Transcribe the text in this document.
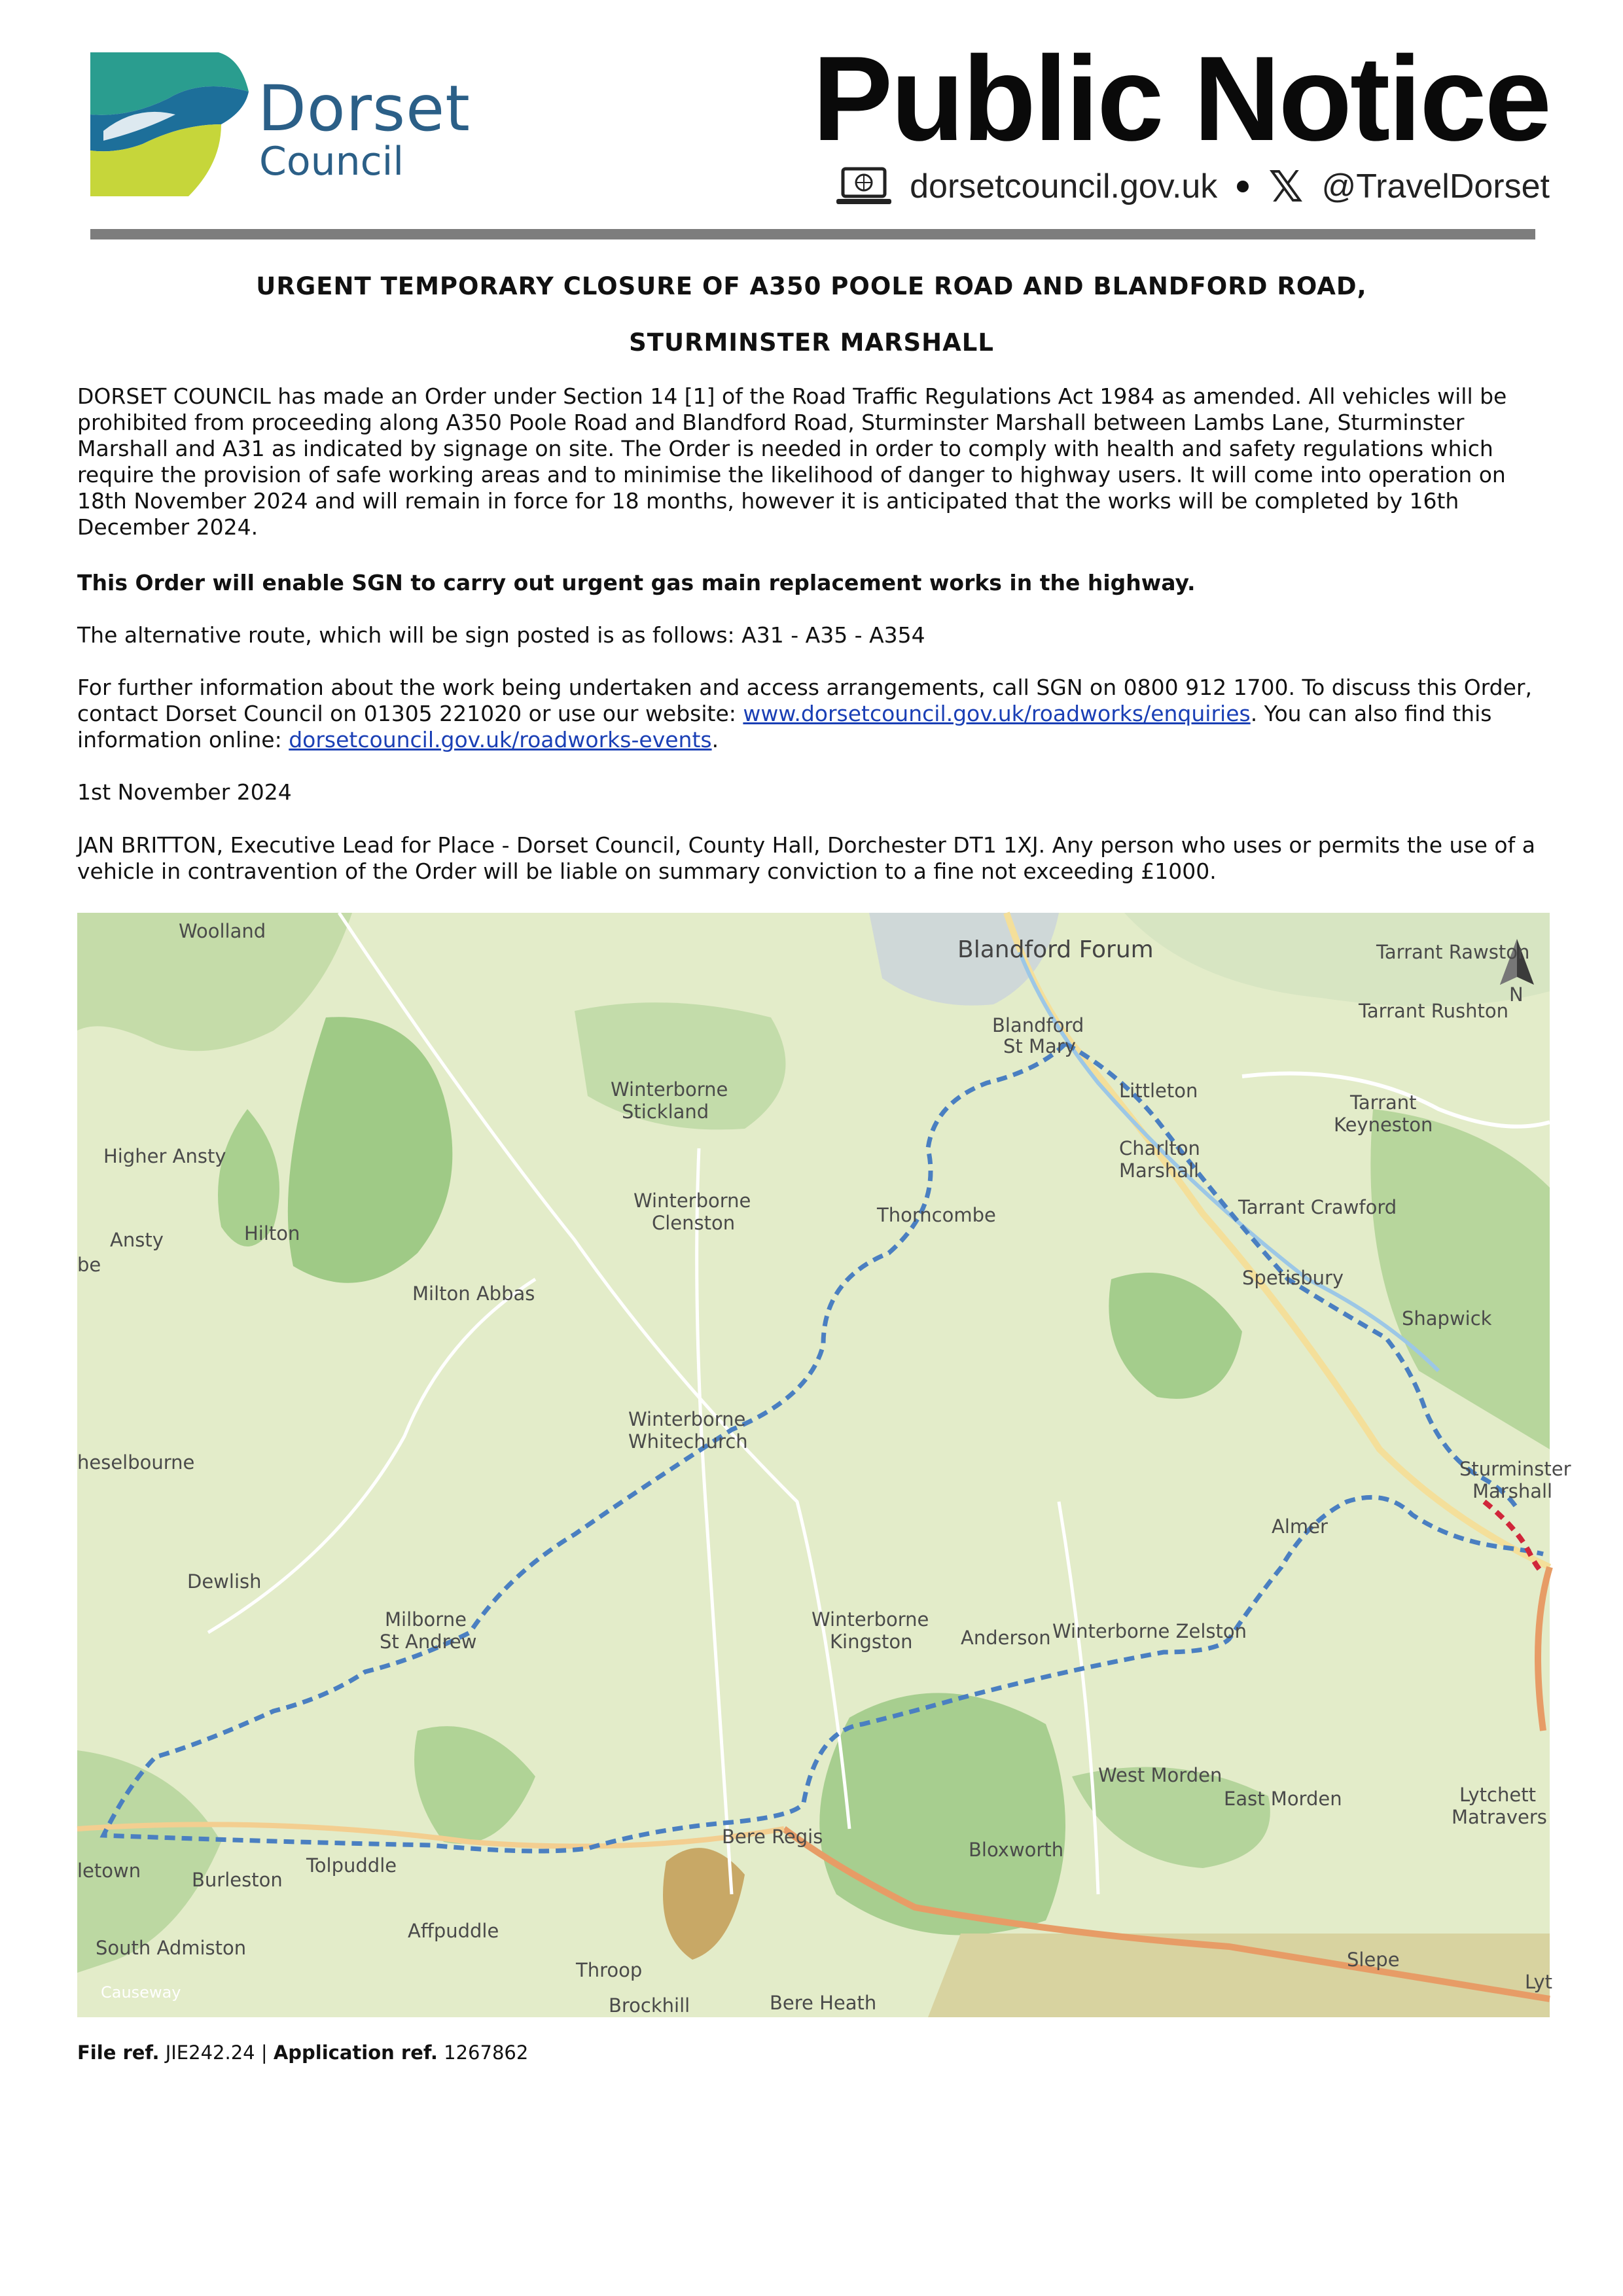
Dorset
Council	Public Notice
dorsetcouncil.gov.uk 𝕏 @TravelDorset
URGENT TEMPORARY CLOSURE OF A350 POOLE ROAD AND BLANDFORD ROAD,
STURMINSTER MARSHALL
DORSET COUNCIL has made an Order under Section 14 [1] of the Road Traffic Regulations Act 1984 as amended. All vehicles will be prohibited from proceeding along A350 Poole Road and Blandford Road, Sturminster Marshall between Lambs Lane, Sturminster Marshall and A31 as indicated by signage on site. The Order is needed in order to comply with health and safety regulations which require the provision of safe working areas and to minimise the likelihood of danger to highway users. It will come into operation on 18th November 2024 and will remain in force for 18 months, however it is anticipated that the works will be completed by 16th December 2024.
This Order will enable SGN to carry out urgent gas main replacement works in the highway.
The alternative route, which will be sign posted is as follows: A31 - A35 - A354
For further information about the work being undertaken and access arrangements, call SGN on 0800 912 1700. To discuss this Order, contact Dorset Council on 01305 221020 or use our website: www.dorsetcouncil.gov.uk/roadworks/enquiries. You can also find this information online: dorsetcouncil.gov.uk/roadworks-events.
1st November 2024
JAN BRITTON, Executive Lead for Place - Dorset Council, County Hall, Dorchester DT1 1XJ. Any person who uses or permits the use of a vehicle in contravention of the Order will be liable on summary conviction to a fine not exceeding £1000.
N
Woolland
Blandford Forum	Tarrant Rawston
Tarrant Rushton
Blandford
St Mary
Littleton
Winterborne
Stickland	Tarrant
Keyneston
Higher Ansty	Charlton
Marshall
Winterborne
Clenston	Thorncombe	Tarrant Crawford
Ansty	Hilton
be
Spetisbury
Milton Abbas
Shapwick
Winterborne
Whitechurch
heselbourne	Sturminster
Marshall
Almer
Dewlish
Milborne
St Andrew
Winterborne
Kingston	Anderson Winterborne Zelston
West Morden
East Morden	Lytchett
Matravers
Bere Regis
Bloxworth
letown	Burleston
Tolpuddle
Affpuddle
South Admiston
Throop	Slepe
Brockhill	Bere Heath
Lyt
Causeway
File ref. JIE242.24 | Application ref. 1267862
